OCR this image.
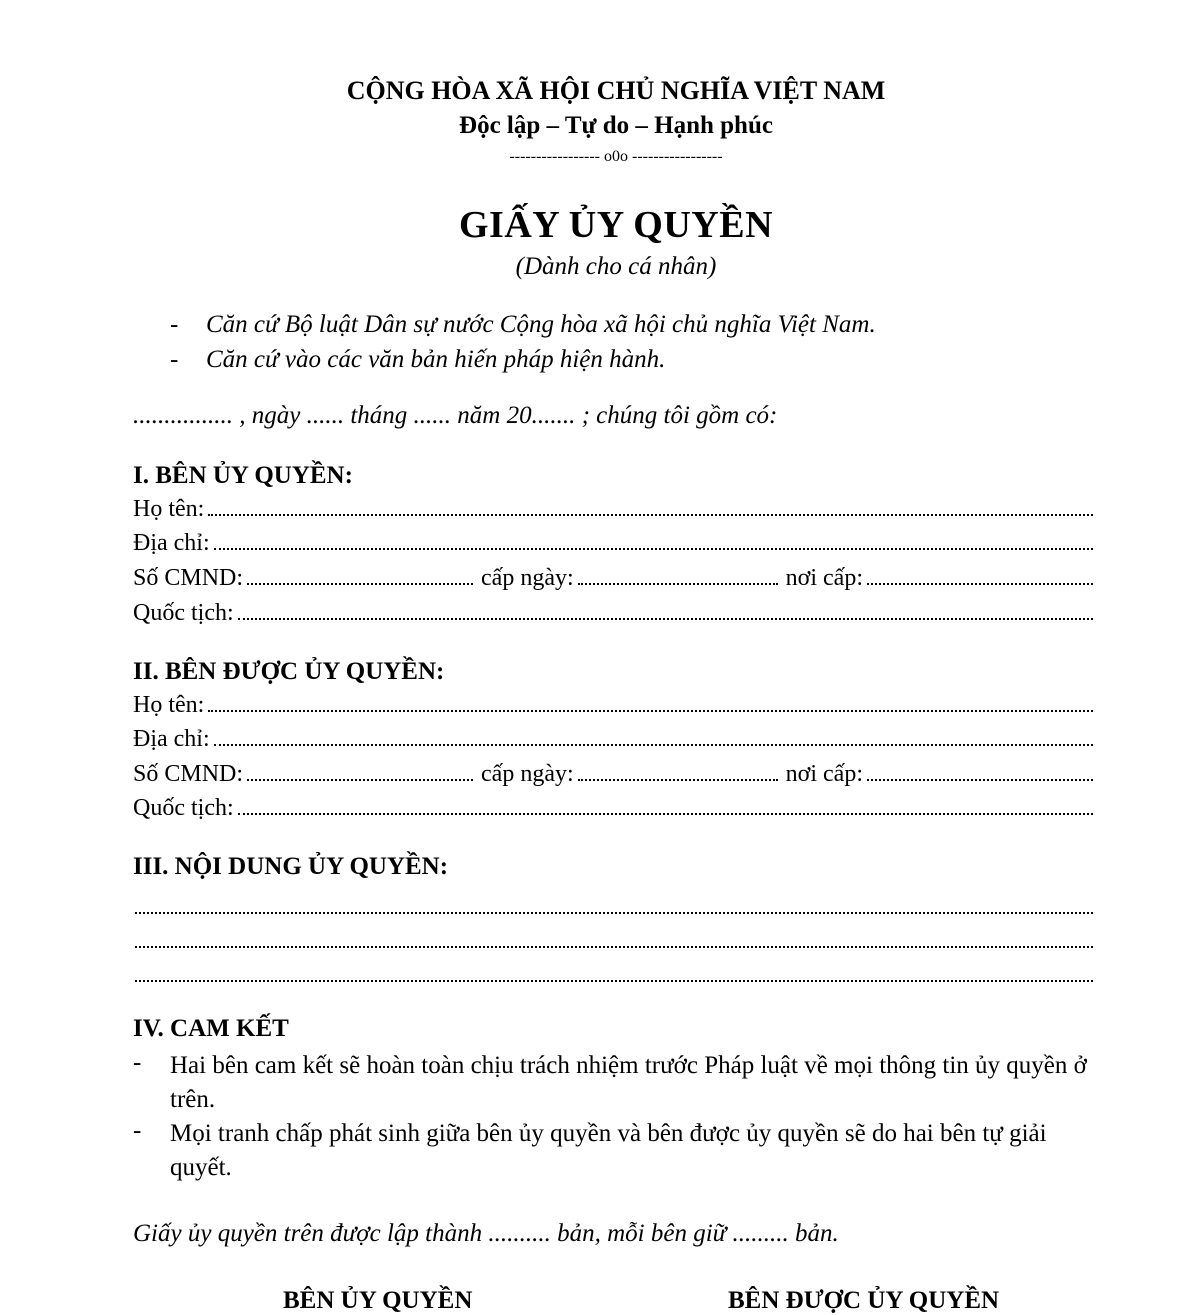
CỘNG HÒA XÃ HỘI CHỦ NGHĨA VIỆT NAM
Độc lập – Tự do – Hạnh phúc
----------------- o0o -----------------
GIẤY ỦY QUYỀN
(Dành cho cá nhân)
- Căn cứ Bộ luật Dân sự nước Cộng hòa xã hội chủ nghĩa Việt Nam.
- Căn cứ vào các văn bản hiến pháp hiện hành.
................ , ngày ...... tháng ...... năm 20....... ; chúng tôi gồm có:
I. BÊN ỦY QUYỀN:
Họ tên:
Địa chỉ:
Số CMND:	cấp ngày:	nơi cấp:
Quốc tịch:
II. BÊN ĐƯỢC ỦY QUYỀN:
Họ tên:
Địa chỉ:
Số CMND:	cấp ngày:	nơi cấp:
Quốc tịch:
III. NỘI DUNG ỦY QUYỀN:
IV. CAM KẾT
- Hai bên cam kết sẽ hoàn toàn chịu trách nhiệm trước Pháp luật về mọi thông tin ủy quyền ở trên.
- Mọi tranh chấp phát sinh giữa bên ủy quyền và bên được ủy quyền sẽ do hai bên tự giải quyết.
Giấy ủy quyền trên được lập thành .......... bản, mỗi bên giữ ......... bản.
BÊN ỦY QUYỀN	BÊN ĐƯỢC ỦY QUYỀN
